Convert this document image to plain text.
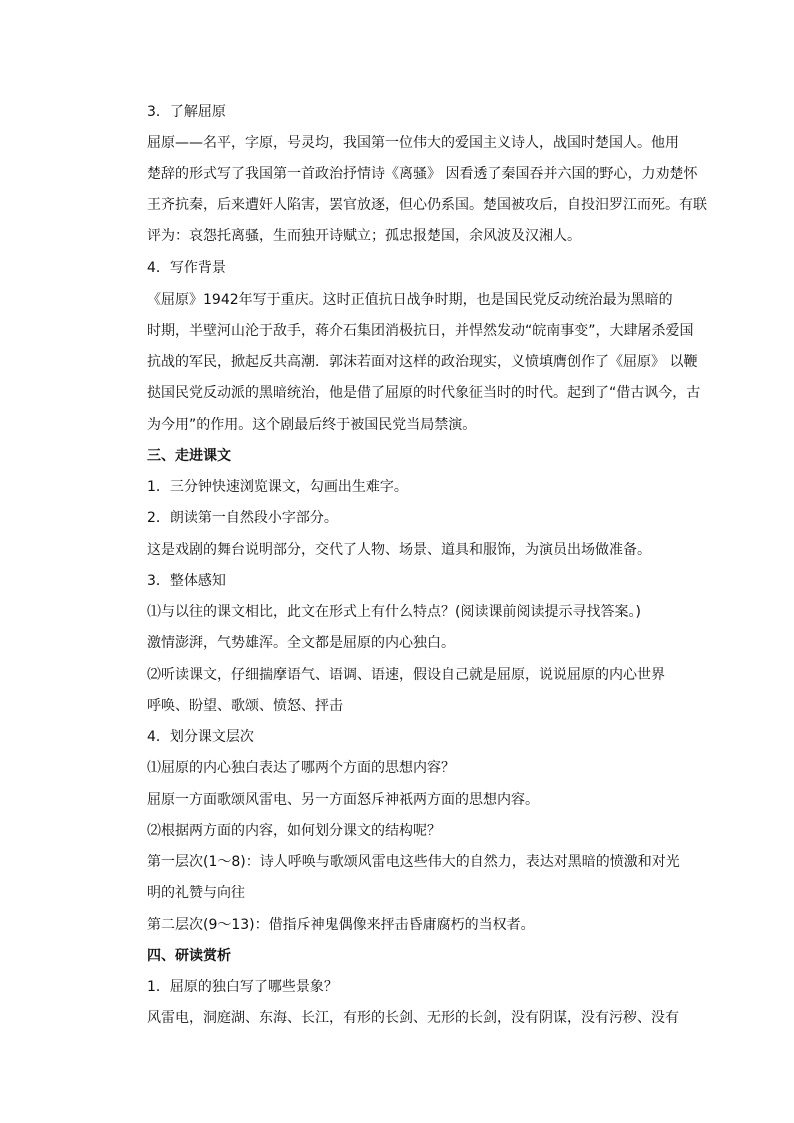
3．了解屈原
屈原——名平，字原，号灵均，我国第一位伟大的爱国主义诗人，战国时楚国人。他用
楚辞的形式写了我国第一首政治抒情诗《离骚》 因看透了秦国吞并六国的野心，力劝楚怀
王齐抗秦，后来遭奸人陷害，罢官放逐，但心仍系国。楚国被攻后，自投汨罗江而死。有联
评为：哀怨托离骚，生而独开诗赋立；孤忠报楚国，余风波及汉湘人。
4．写作背景
《屈原》1942年写于重庆。这时正值抗日战争时期，也是国民党反动统治最为黑暗的
时期，半壁河山沦于敌手，蒋介石集团消极抗日，并悍然发动“皖南事变”，大肆屠杀爱国
抗战的军民，掀起反共高潮．郭沫若面对这样的政治现实，义愤填膺创作了《屈原》 以鞭
挞国民党反动派的黑暗统治，他是借了屈原的时代象征当时的时代。起到了“借古讽今，古
为今用”的作用。这个剧最后终于被国民党当局禁演。
三、走进课文
1．三分钟快速浏览课文，勾画出生难字。
2．朗读第一自然段小字部分。
这是戏剧的舞台说明部分，交代了人物、场景、道具和服饰，为演员出场做准备。
3．整体感知
⑴与以往的课文相比，此文在形式上有什么特点？(阅读课前阅读提示寻找答案。)
激情澎湃，气势雄浑。全文都是屈原的内心独白。
⑵听读课文，仔细揣摩语气、语调、语速，假设自己就是屈原，说说屈原的内心世界
呼唤、盼望、歌颂、愤怒、抨击
4．划分课文层次
⑴屈原的内心独白表达了哪两个方面的思想内容？
屈原一方面歌颂风雷电、另一方面怒斥神祇两方面的思想内容。
⑵根据两方面的内容，如何划分课文的结构呢？
第一层次(1～8)：诗人呼唤与歌颂风雷电这些伟大的自然力，表达对黑暗的愤激和对光
明的礼赞与向往
第二层次(9～13)：借指斥神鬼偶像来抨击昏庸腐朽的当权者。
四、研读赏析
1．屈原的独白写了哪些景象？
风雷电，洞庭湖、东海、长江，有形的长剑、无形的长剑，没有阴谋，没有污秽、没有
